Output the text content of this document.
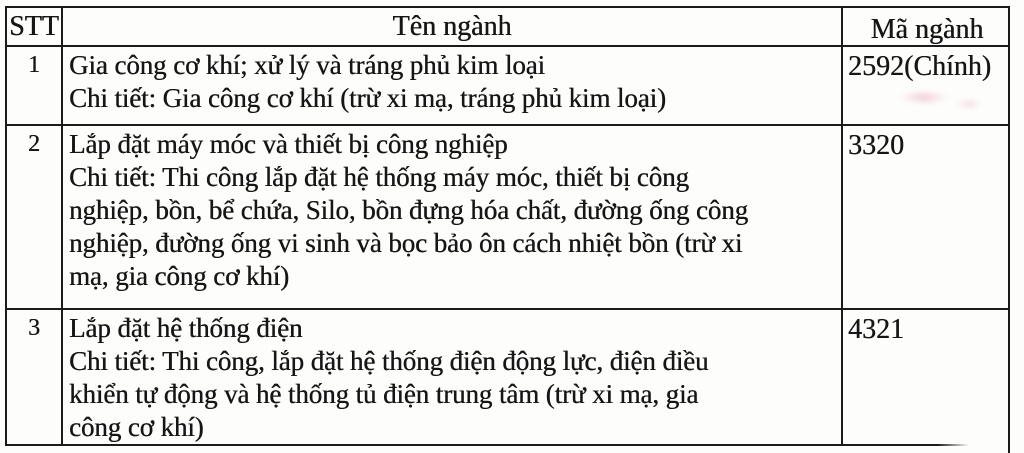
STT	Tên ngành	Mã ngành
1	Gia công cơ khí; xử lý và tráng phủ kim loại
Chi tiết: Gia công cơ khí (trừ xi mạ, tráng phủ kim loại)
2592(Chính)
2	Lắp đặt máy móc và thiết bị công nghiệp
Chi tiết: Thi công lắp đặt hệ thống máy móc, thiết bị công
nghiệp, bồn, bể chứa, Silo, bồn đựng hóa chất, đường ống công
nghiệp, đường ống vi sinh và bọc bảo ôn cách nhiệt bồn (trừ xi
mạ, gia công cơ khí)
3320
3	Lắp đặt hệ thống điện
Chi tiết: Thi công, lắp đặt hệ thống điện động lực, điện điều
khiển tự động và hệ thống tủ điện trung tâm (trừ xi mạ, gia
công cơ khí)
4321
